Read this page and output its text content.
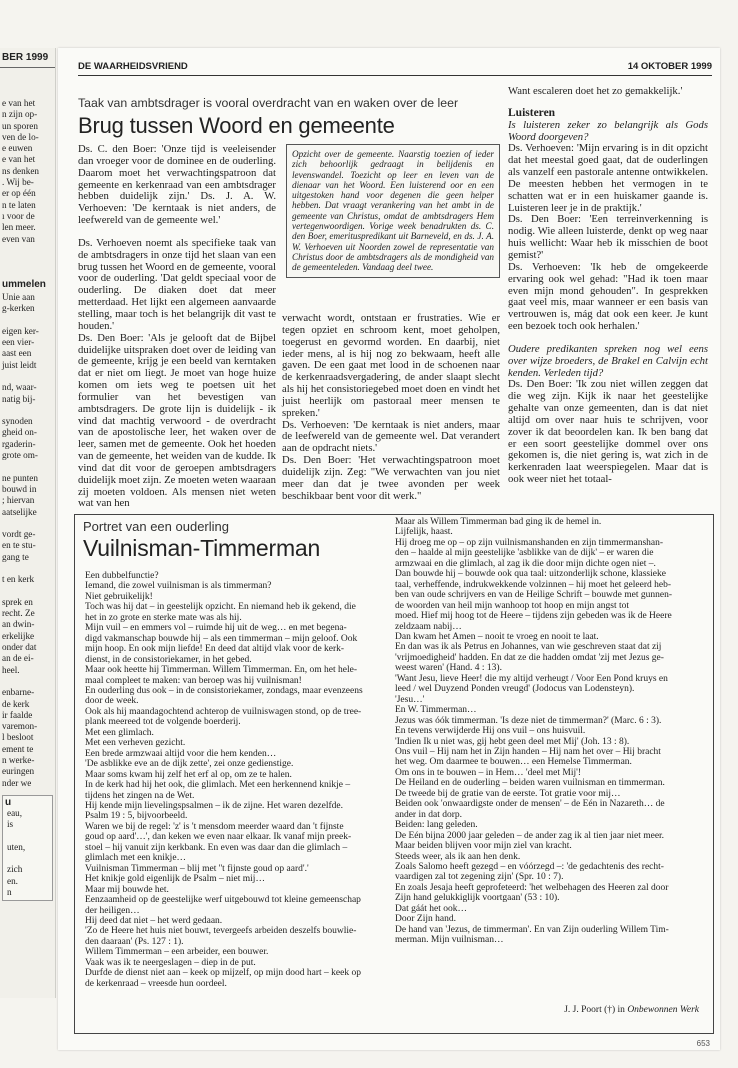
BER 1999
e van het
n zijn op-
un sporen
ven de lo-
e euwen
e van het
ns denken
. Wij be-
er op één
n te laten
ı voor de
len meer.
even van
ummelen
Unie aan
g-kerken

eigen ker-
een vier-
aast een
juist leidt

nd, waar-
natig bij-

synoden
gheid on-
rgaderin-
grote om-

ne punten
bouwd in
; hiervan
aatselijke

vordt ge-
en te stu-
gang te

t en kerk

sprek en
recht. Ze
an dwin-
erkelijke
onder dat
an de ei-
heel.

enbarne-
de kerk
ir faalde
varemon-
l besloot
ement te
n werke-
euringen
nder we
u
eau,
is

uten,

zich
en.
n
DE WAARHEIDSVRIEND	14 OKTOBER 1999
Taak van ambtsdrager is vooral overdracht van en waken over de leer
Brug tussen Woord en gemeente

Ds. C. den Boer: 'Onze tijd is veeleisender dan vroeger voor de dominee en de ouderling. Daarom moet het verwachtingspatroon dat gemeente en kerkenraad van een ambtsdrager hebben duidelijk zijn.' Ds. J. A. W. Verhoeven: 'De kerntaak is niet anders, de leefwereld van de gemeente wel.'

Ds. Verhoeven noemt als specifieke taak van de ambtsdragers in onze tijd het slaan van een brug tussen het Woord en de gemeente, vooral voor de ouderling. 'Dat geldt speciaal voor de ouderling. De diaken doet dat meer metterdaad. Het lijkt een algemeen aanvaarde stelling, maar toch is het belangrijk dit vast te houden.'

Ds. Den Boer: 'Als je gelooft dat de Bijbel duidelijke uitspraken doet over de leiding van de gemeente, krijg je een beeld van kerntaken dat er niet om liegt. Je moet van hoge huize komen om iets weg te poetsen uit het formulier van het bevestigen van ambtsdragers. De grote lijn is duidelijk - ik vind dat machtig verwoord - de overdracht van de apostolische leer, het waken over de leer, samen met de gemeente. Ook het hoeden van de gemeente, het weiden van de kudde. Ik vind dat dit voor de geroepen ambtsdragers duidelijk moet zijn. Ze moeten weten waaraan zij moeten voldoen. Als mensen niet weten wat van hen

Opzicht over de gemeente. Naarstig toezien of ieder zich behoorlijk gedraagt in belijdenis en levenswandel. Toezicht op leer en leven van de dienaar van het Woord. Een luisterend oor en een uitgestoken hand voor degenen die geen helper hebben. Dat vraagt verankering van het ambt in de gemeente van Christus, omdat de ambtsdragers Hem vertegenwoordigen. Vorige week benadrukten ds. C. den Boer, emerituspredikant uit Barneveld, en ds. J. A. W. Verhoeven uit Noorden zowel de representatie van Christus door de ambtsdragers als de mondigheid van de gemeenteleden. Vandaag deel twee.

verwacht wordt, ontstaan er frustraties. Wie er tegen opziet en schroom kent, moet geholpen, toegerust en gevormd worden. En daarbij, niet ieder mens, al is hij nog zo bekwaam, heeft alle gaven. De een gaat met lood in de schoenen naar de kerkenraadsvergadering, de ander slaapt slecht als hij het consistoriegebed moet doen en vindt het juist heerlijk om pastoraal meer mensen te spreken.'

Ds. Verhoeven: 'De kerntaak is niet anders, maar de leefwereld van de gemeente wel. Dat verandert aan de opdracht niets.'

Ds. Den Boer: 'Het verwachtingspatroon moet duidelijk zijn. Zeg: "We verwachten van jou niet meer dan dat je twee avonden per week beschikbaar bent voor dit werk."

Want escaleren doet het zo gemakkelijk.'

Luisteren

Is luisteren zeker zo belangrijk als Gods Woord doorgeven?

Ds. Verhoeven: 'Mijn ervaring is in dit opzicht dat het meestal goed gaat, dat de ouderlingen als vanzelf een pastorale antenne ontwikkelen. De meesten hebben het vermogen in te schatten wat er in een huiskamer gaande is. Luisteren leer je in de praktijk.'

Ds. Den Boer: 'Een terreinverkenning is nodig. Wie alleen luisterde, denkt op weg naar huis wellicht: Waar heb ik misschien de boot gemist?'

Ds. Verhoeven: 'Ik heb de omgekeerde ervaring ook wel gehad: "Had ik toen maar even mijn mond gehouden". In gesprekken gaat veel mis, maar wanneer er een basis van vertrouwen is, mág dat ook een keer. Je kunt een bezoek toch ook herhalen.'

Oudere predikanten spreken nog wel eens over wijze broeders, de Brakel en Calvijn echt kenden. Verleden tijd?

Ds. Den Boer: 'Ik zou niet willen zeggen dat die weg zijn. Kijk ik naar het geestelijke gehalte van onze gemeenten, dan is dat niet altijd om over naar huis te schrijven, voor zover ik dat beoordelen kan. Ik ben bang dat er een soort geestelijke dommel over ons gekomen is, die niet gering is, wat zich in de kerkenraden laat weerspiegelen. Maar dat is ook weer niet het totaal-

Portret van een ouderling
Vuilnisman-Timmerman
Een dubbelfunctie?
Iemand, die zowel vuilnisman is als timmerman?
Niet gebruikelijk!
Toch was hij dat – in geestelijk opzicht. En niemand heb ik gekend, die
het in zo grote en sterke mate was als hij.
Mijn vuil – en emmers vol – ruimde hij uit de weg… en met begena-
digd vakmanschap bouwde hij – als een timmerman – mijn geloof. Ook
mijn hoop. En ook mijn liefde! En deed dat altijd vlak voor de kerk-
dienst, in de consistoriekamer, in het gebed.
Maar ook heette hij Timmerman. Willem Timmerman. En, om het hele-
maal compleet te maken: van beroep was hij vuilnisman!
En ouderling dus ook – in de consistoriekamer, zondags, maar evenzeens
door de week.
Ook als hij maandagochtend achterop de vuilniswagen stond, op de tree-
plank meereed tot de volgende boerderij.
Met een glimlach.
Met een verheven gezicht.
Een brede armzwaai altijd voor die hem kenden…
'De asblikke eve an de dijk zette', zei onze gedienstige.
Maar soms kwam hij zelf het erf al op, om ze te halen.
In de kerk had hij het ook, die glimlach. Met een herkennend knikje –
tijdens het zingen na de Wet.
Hij kende mijn lievelingspsalmen – ik de zijne. Het waren dezelfde.
Psalm 19 : 5, bijvoorbeeld.
Waren we bij de regel: 'z' is 't mensdom meerder waard dan 't fijnste
goud op aard'…', dan keken we even naar elkaar. Ik vanaf mijn preek-
stoel – hij vanuit zijn kerkbank. En even was daar dan die glimlach –
glimlach met een knikje…
Vuilnisman Timmerman – blij met ''t fijnste goud op aard'.'
Het knikje gold eigenlijk de Psalm – niet mij…
Maar mij bouwde het.
Eenzaamheid op de geestelijke werf uitgebouwd tot kleine gemeenschap
der heiligen…
Hij deed dat niet – het werd gedaan.
'Zo de Heere het huis niet bouwt, tevergeefs arbeiden deszelfs bouwlie-
den daaraan' (Ps. 127 : 1).
Willem Timmerman – een arbeider, een bouwer.
Vaak was ik te neergeslagen – diep in de put.
Durfde de dienst niet aan – keek op mijzelf, op mijn dood hart – keek op
de kerkenraad – vreesde hun oordeel.
Maar als Willem Timmerman bad ging ik de hemel in.
Lijfelijk, haast.
Hij droeg me op – op zijn vuilnismanshanden en zijn timmermanshan-
den – haalde al mijn geestelijke 'asblikke van de dijk' – er waren die
armzwaai en die glimlach, al zag ik die door mijn dichte ogen niet –.
Dan bouwde hij – bouwde ook qua taal: uitzonderlijk schone, klassieke
taal, verheffende, indrukwekkende volzinnen – hij moet het geleerd heb-
ben van oude schrijvers en van de Heilige Schrift – bouwde met gunnen-
de woorden van heil mijn wanhoop tot hoop en mijn angst tot
moed. Hief mij hoog tot de Heere – tijdens zijn gebeden was ik de Heere
zeldzaam nabij…
Dan kwam het Amen – nooit te vroeg en nooit te laat.
En dan was ik als Petrus en Johannes, van wie geschreven staat dat zij
'vrijmoedigheid' hadden. En dat ze die hadden omdat 'zij met Jezus ge-
weest waren' (Hand. 4 : 13).
'Want Jesu, lieve Heer! die my altijd verheugt / Voor Een Pond kruys en
leed / wel Duyzend Ponden vreugd' (Jodocus van Lodensteyn).
'Jesu…'
En W. Timmerman…
Jezus was óók timmerman. 'Is deze niet de timmerman?' (Marc. 6 : 3).
En tevens verwijderde Hij ons vuil – ons huisvuil.
'Indien Ik u niet was, gij hebt geen deel met Mij' (Joh. 13 : 8).
Ons vuil – Hij nam het in Zijn handen – Hij nam het over – Hij bracht
het weg. Om daarmee te bouwen… een Hemelse Timmerman.
Om ons in te bouwen – in Hem… 'deel met Mij'!
De Heiland en de ouderling – beiden waren vuilnisman en timmerman.
De tweede bij de gratie van de eerste. Tot gratie voor mij…
Beiden ook 'onwaardigste onder de mensen' – de Eén in Nazareth… de
ander in dat dorp.
Beiden: lang geleden.
De Eén bijna 2000 jaar geleden – de ander zag ik al tien jaar niet meer.
Maar beiden blijven voor mijn ziel van kracht.
Steeds weer, als ik aan hen denk.
Zoals Salomo heeft gezegd – en vóórzegd –: 'de gedachtenis des recht-
vaardigen zal tot zegening zijn' (Spr. 10 : 7).
En zoals Jesaja heeft geprofeteerd: 'het welbehagen des Heeren zal door
Zijn hand gelukkiglijk voortgaan' (53 : 10).
Dat gáát het ook…
Door Zijn hand.
De hand van 'Jezus, de timmerman'. En van Zijn ouderling Willem Tim-
merman. Mijn vuilnisman…
J. J. Poort (†) in Onbewonnen Werk
653
